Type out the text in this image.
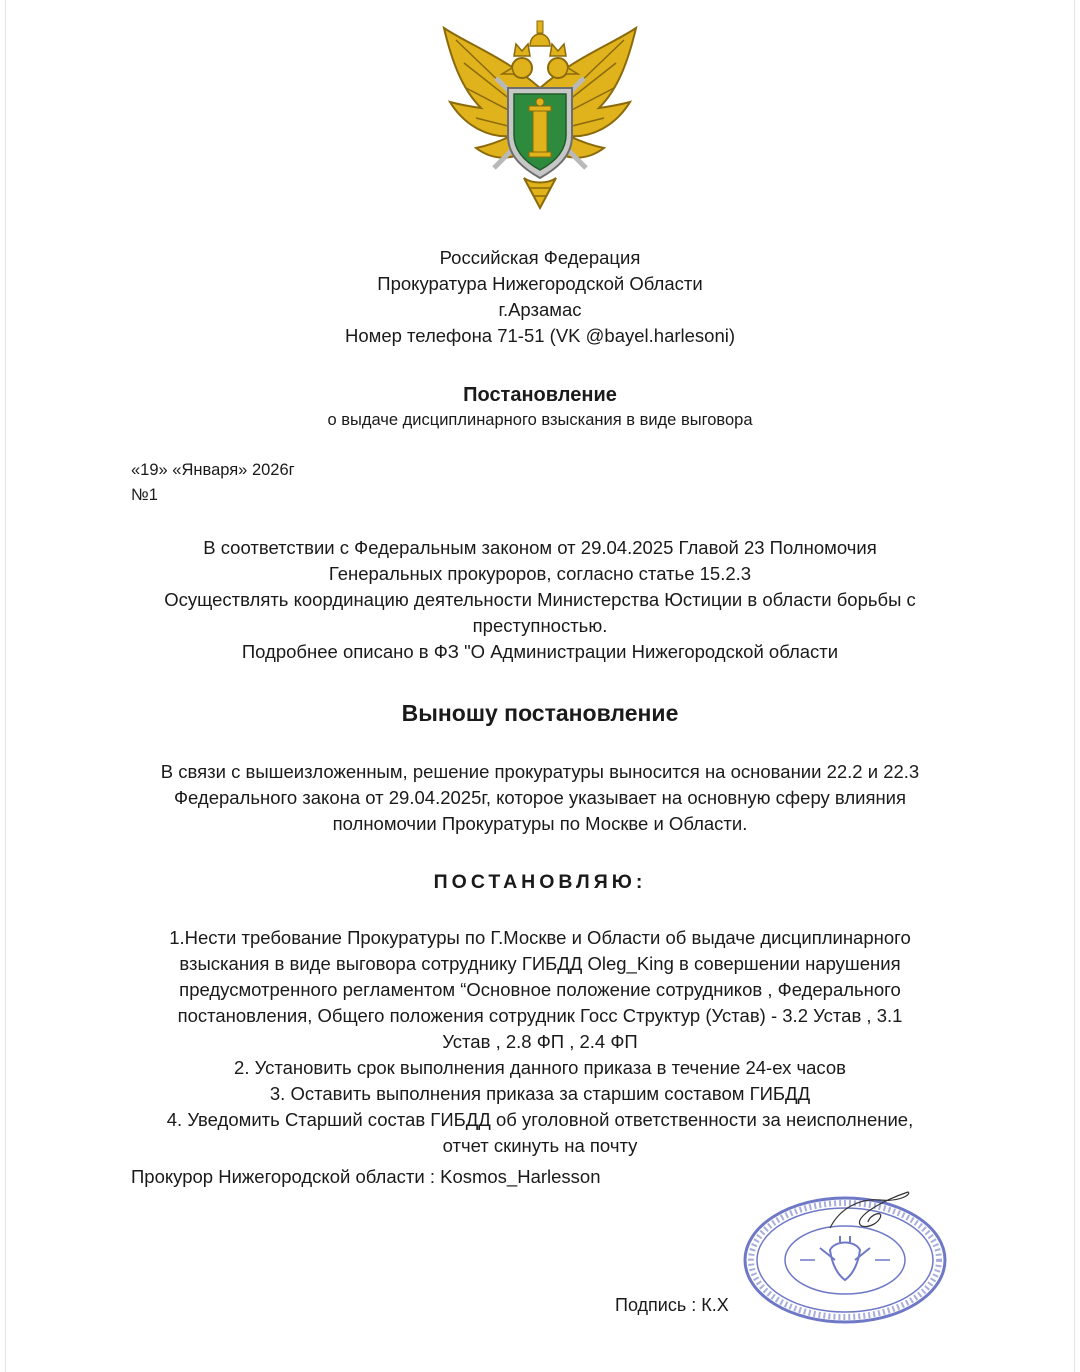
Российская Федерация
Прокуратура Нижегородской Области
г.Арзамас
Номер телефона 71-51 (VK @bayel.harlesoni)
Постановление
о выдаче дисциплинарного взыскания в виде выговора
«19» «Января» 2026г
№1
В соответствии с Федеральным законом от 29.04.2025 Главой 23 Полномочия
Генеральных прокуроров, согласно статье 15.2.3
Осуществлять координацию деятельности Министерства Юстиции в области борьбы с
преступностью.
Подробнее описано в ФЗ "О Администрации Нижегородской области
Выношу постановление
В связи с вышеизложенным, решение прокуратуры выносится на основании 22.2 и 22.3
Федерального закона от 29.04.2025г, которое указывает на основную сферу влияния
полномочии Прокуратуры по Москве и Области.
ПОСТАНОВЛЯЮ:
1.Нести требование Прокуратуры по Г.Москве и Области об выдаче дисциплинарного
взыскания в виде выговора сотруднику ГИБДД Oleg_King в совершении нарушения
предусмотренного регламентом “Основное положение сотрудников , Федерального
постановления, Общего положения сотрудник Госс Структур (Устав) - 3.2 Устав , 3.1
Устав , 2.8 ФП , 2.4 ФП
2. Установить срок выполнения данного приказа в течение 24-ех часов
3. Оставить выполнения приказа за старшим составом ГИБДД
4. Уведомить Старший состав ГИБДД об уголовной ответственности за неисполнение,
отчет скинуть на почту
Прокурор Нижегородской области : Kosmos_Harlesson
Подпись : К.Х
